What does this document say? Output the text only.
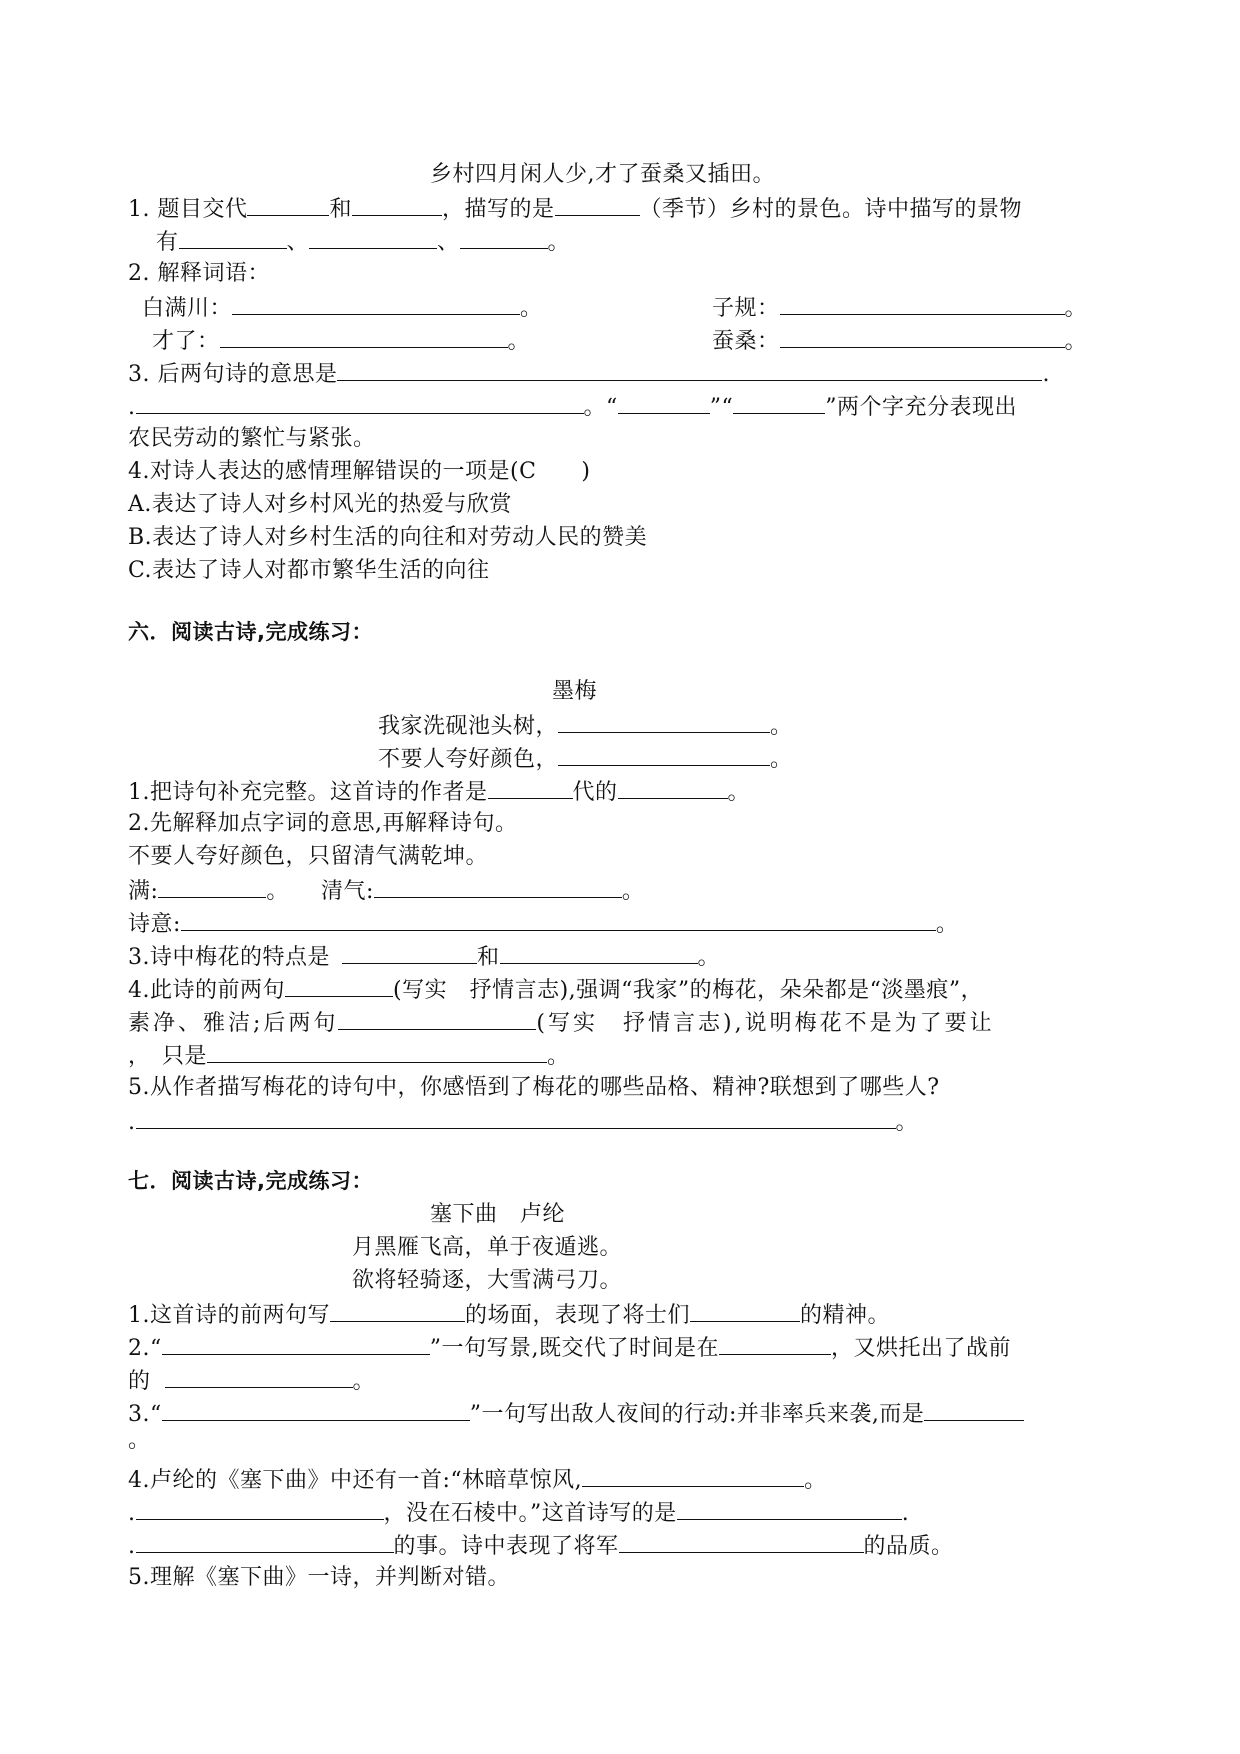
乡村四月闲人少,才了蚕桑又插田。
1. 题目交代	和	，描写的是	（季节）乡村的景色。诗中描写的景物
有	、	、	。
2. 解释词语：
白满川：	。	子规：	。
才了：	。	蚕桑：	。
3. 后两句诗的意思是	.
.	。“	”“	”两个字充分表现出
农民劳动的繁忙与紧张。
4.对诗人表达的感情理解错误的一项是(C　　)
A.表达了诗人对乡村风光的热爱与欣赏
B.表达了诗人对乡村生活的向往和对劳动人民的赞美
C.表达了诗人对都市繁华生活的向往
六．阅读古诗,完成练习：
墨梅
我家洗砚池头树，	。
不要人夸好颜色，	。
1.把诗句补充完整。这首诗的作者是	代的	。
2.先解释加点字词的意思,再解释诗句。
不要人夸好颜色，只留清气满乾坤。
满:	。 清气:	。
诗意:	。
3.诗中梅花的特点是	和	。
4.此诗的前两句	(写实　抒情言志),强调“我家”的梅花，朵朵都是“淡墨痕”，
素净、雅洁;后两句	(写实　抒情言志),说明梅花不是为了要让
，　只是	。
5.从作者描写梅花的诗句中，你感悟到了梅花的哪些品格、精神?联想到了哪些人?
.	。
七．阅读古诗,完成练习：
塞下曲　卢纶
月黑雁飞高，单于夜遁逃。
欲将轻骑逐，大雪满弓刀。
1.这首诗的前两句写	的场面，表现了将士们	的精神。
2.“	”一句写景,既交代了时间是在	，又烘托出了战前
的	。
3.“	”一句写出敌人夜间的行动:并非率兵来袭,而是
。
4.卢纶的《塞下曲》中还有一首:“林暗草惊风,	。
.	，没在石棱中。”这首诗写的是	.
.	的事。诗中表现了将军	的品质。
5.理解《塞下曲》一诗，并判断对错。
